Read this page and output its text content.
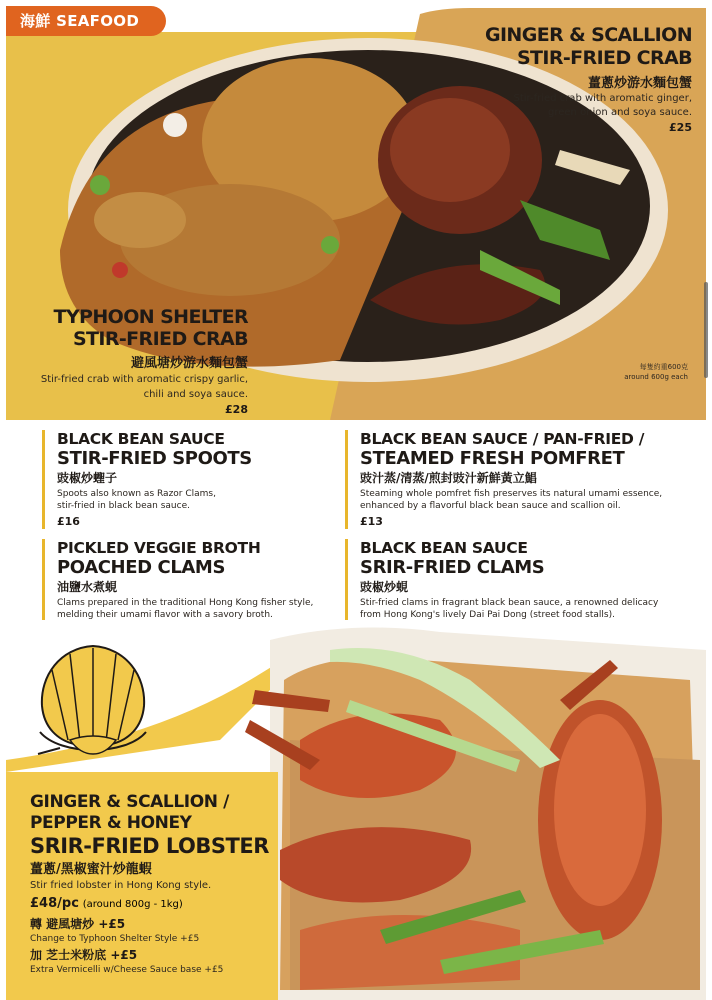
海鮮 SEAFOOD
GINGER & SCALLION
STIR-FRIED CRAB
薑蔥炒游水麵包蟹
Stir-fried crab with aromatic ginger,
green onion and soya sauce.
£25
TYPHOON SHELTER
STIR-FRIED CRAB
避風塘炒游水麵包蟹
Stir-fried crab with aromatic crispy garlic,
chili and soya sauce.
£28
每隻約重600克
around 600g each
BLACK BEAN SAUCE
STIR-FRIED SPOOTS
豉椒炒蟶子
Spoots also known as Razor Clams,
stir-fried in black bean sauce.
£16
BLACK BEAN SAUCE / PAN-FRIED /
STEAMED FRESH POMFRET
豉汁蒸/清蒸/煎封豉汁新鮮黃立鯧
Steaming whole pomfret fish preserves its natural umami essence,
enhanced by a flavorful black bean sauce and scallion oil.
£13
PICKLED VEGGIE BROTH
POACHED CLAMS
油鹽水煮蜆
Clams prepared in the traditional Hong Kong fisher style,
melding their umami flavor with a savory broth.
BLACK BEAN SAUCE
SRIR-FRIED CLAMS
豉椒炒蜆
Stir-fried clams in fragrant black bean sauce, a renowned delicacy
from Hong Kong's lively Dai Pai Dong (street food stalls).
GINGER & SCALLION /
PEPPER & HONEY
SRIR-FRIED LOBSTER
薑蔥/黑椒蜜汁炒龍蝦
Stir fried lobster in Hong Kong style.
£48/pc (around 800g - 1kg)
轉 避風塘炒 +£5
Change to Typhoon Shelter Style +£5
加 芝士米粉底 +£5
Extra Vermicelli w/Cheese Sauce base +£5
